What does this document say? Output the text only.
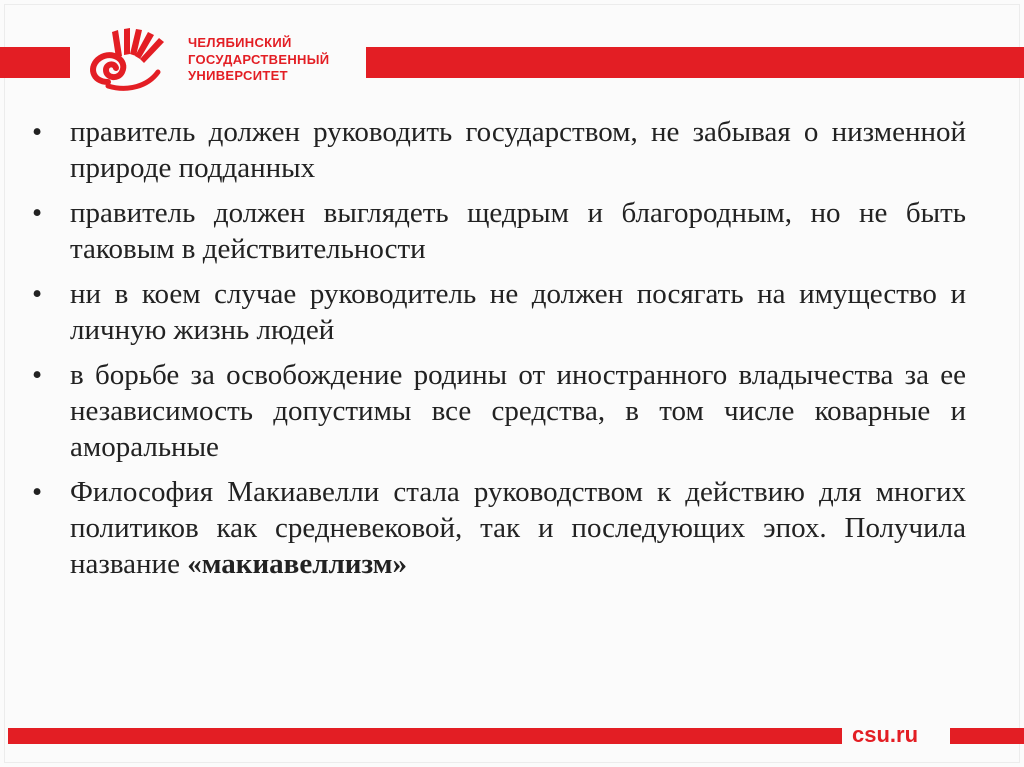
ЧЕЛЯБИНСКИЙ
ГОСУДАРСТВЕННЫЙ
УНИВЕРСИТЕТ
• правитель должен руководить государством, не забывая о низменной природе подданных
• правитель должен выглядеть щедрым и благородным, но не быть таковым в действительности
• ни в коем случае руководитель не должен посягать на имущество и личную жизнь людей
• в борьбе за освобождение родины от иностранного владычества за ее независимость допустимы все средства, в том числе коварные и аморальные
• Философия Макиавелли стала руководством к действию для многих политиков как средневековой, так и последующих эпох. Получила название «макиавеллизм»
csu.ru
